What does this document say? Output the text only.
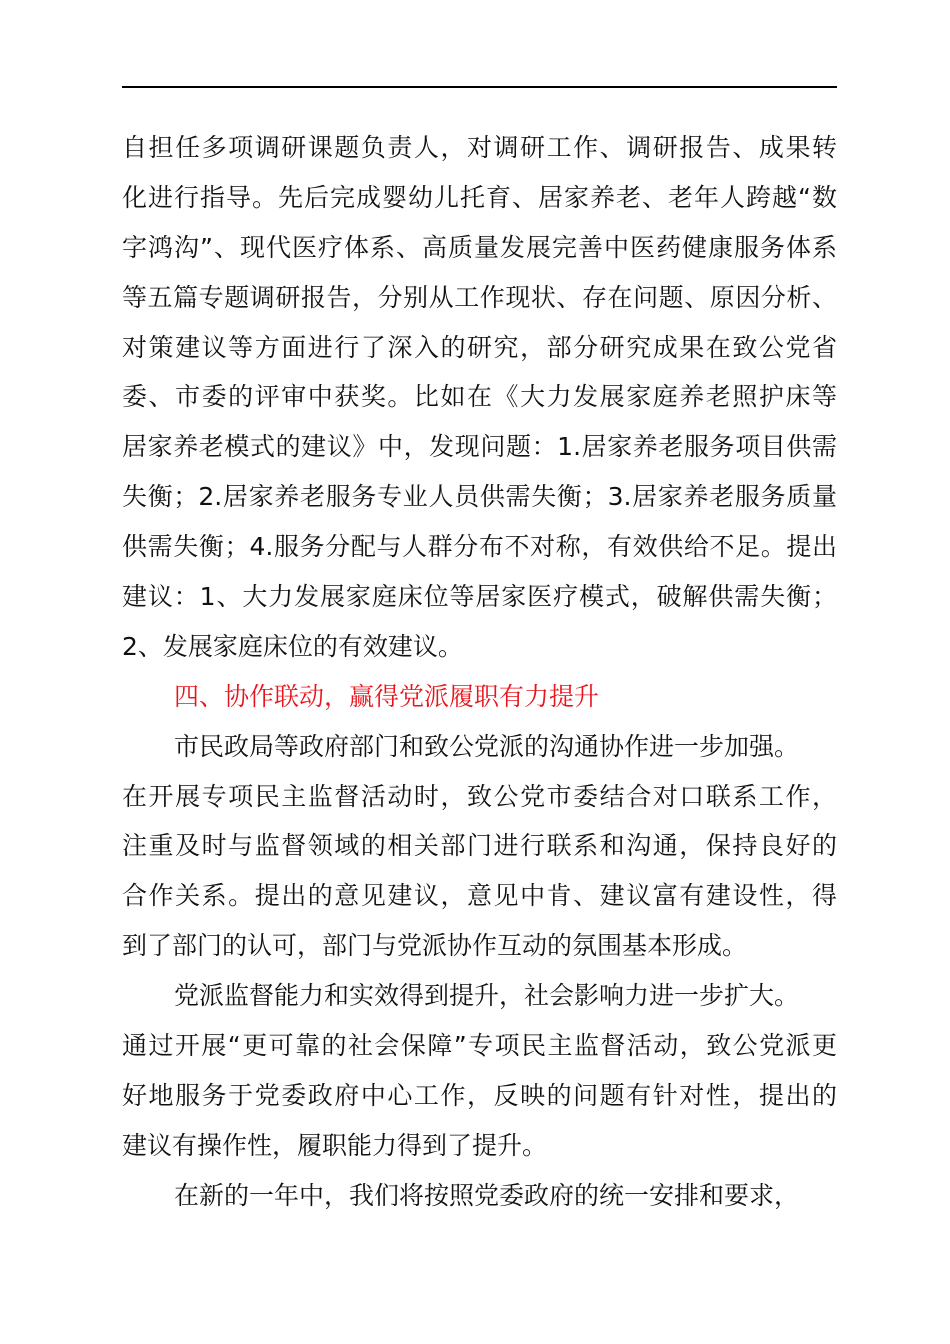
自担任多项调研课题负责人，对调研工作、调研报告、成果转
化进行指导。先后完成婴幼儿托育、居家养老、老年人跨越“数
字鸿沟”、现代医疗体系、高质量发展完善中医药健康服务体系
等五篇专题调研报告，分别从工作现状、存在问题、原因分析、
对策建议等方面进行了深入的研究，部分研究成果在致公党省
委、市委的评审中获奖。比如在《大力发展家庭养老照护床等
居家养老模式的建议》中，发现问题：1.居家养老服务项目供需
失衡；2.居家养老服务专业人员供需失衡；3.居家养老服务质量
供需失衡；4.服务分配与人群分布不对称，有效供给不足。提出
建议：1、大力发展家庭床位等居家医疗模式，破解供需失衡；
2、发展家庭床位的有效建议。
四、协作联动，赢得党派履职有力提升
市民政局等政府部门和致公党派的沟通协作进一步加强。
在开展专项民主监督活动时，致公党市委结合对口联系工作，
注重及时与监督领域的相关部门进行联系和沟通，保持良好的
合作关系。提出的意见建议，意见中肯、建议富有建设性，得
到了部门的认可，部门与党派协作互动的氛围基本形成。
党派监督能力和实效得到提升，社会影响力进一步扩大。
通过开展“更可靠的社会保障”专项民主监督活动，致公党派更
好地服务于党委政府中心工作，反映的问题有针对性，提出的
建议有操作性，履职能力得到了提升。
在新的一年中，我们将按照党委政府的统一安排和要求，
